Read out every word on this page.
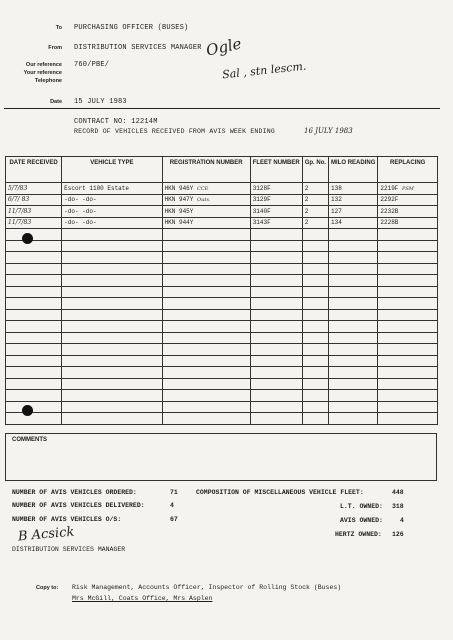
To PURCHASING OFFICER (BUSES)
From DISTRIBUTION SERVICES MANAGER
Our reference 760/PBE/
Your reference
Telephone
Date 15 JULY 1983
Ogle
Sal , stn lescm.
CONTRACT NO: 12214M
RECORD OF VEHICLES RECEIVED FROM AVIS WEEK ENDING	16 JULY 1983
DATE RECEIVED	VEHICLE TYPE	REGISTRATION NUMBER	FLEET NUMBER	Gp. No.	MILO READING	REPLACING
5/7/83	Escort 1100 Estate	HKN 946Y CCE	3128F	2	138	2219F PSM
6/7/ 83	-do- -do-	HKN 947Y Outs.	3129F	2	132	2292F
11/7/83	-do- -do-	HKN 945Y	3140F	2	127	2232B
11/7/83	-do- -do-	HKN 944Y	3143F	2	134	2228B

COMMENTS
NUMBER OF AVIS VEHICLES ORDERED:	71
NUMBER OF AVIS VEHICLES DELIVERED:	4
NUMBER OF AVIS VEHICLES O/S:	67
COMPOSITION OF MISCELLANEOUS VEHICLE FLEET:	448
L.T. OWNED: 318
AVIS OWNED:	4
HERTZ OWNED: 126
B Acsick
DISTRIBUTION SERVICES MANAGER
Copy to: Risk Management, Accounts Officer, Inspector of Rolling Stock (Buses)
Mrs McGill, Coats Office, Mrs Asplen
